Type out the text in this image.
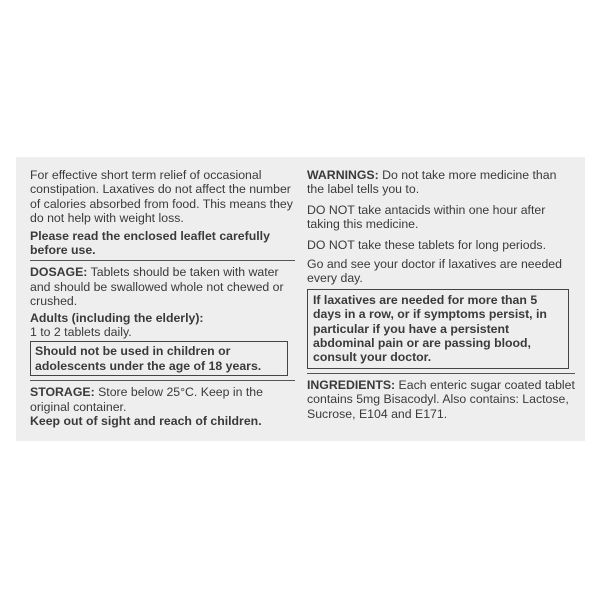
For effective short term relief of occasional constipation. Laxatives do not affect the number of calories absorbed from food. This means they do not help with weight loss.

Please read the enclosed leaflet carefully before use.

DOSAGE: Tablets should be taken with water and should be swallowed whole not chewed or crushed.

Adults (including the elderly):

1 to 2 tablets daily.

Should not be used in children or adolescents under the age of 18 years.

STORAGE: Store below 25°C. Keep in the original container.

Keep out of sight and reach of children.

WARNINGS: Do not take more medicine than the label tells you to.

DO NOT take antacids within one hour after taking this medicine.

DO NOT take these tablets for long periods.

Go and see your doctor if laxatives are needed every day.

If laxatives are needed for more than 5 days in a row, or if symptoms persist, in particular if you have a persistent abdominal pain or are passing blood, consult your doctor.

INGREDIENTS: Each enteric sugar coated tablet contains 5mg Bisacodyl. Also contains: Lactose, Sucrose, E104 and E171.
